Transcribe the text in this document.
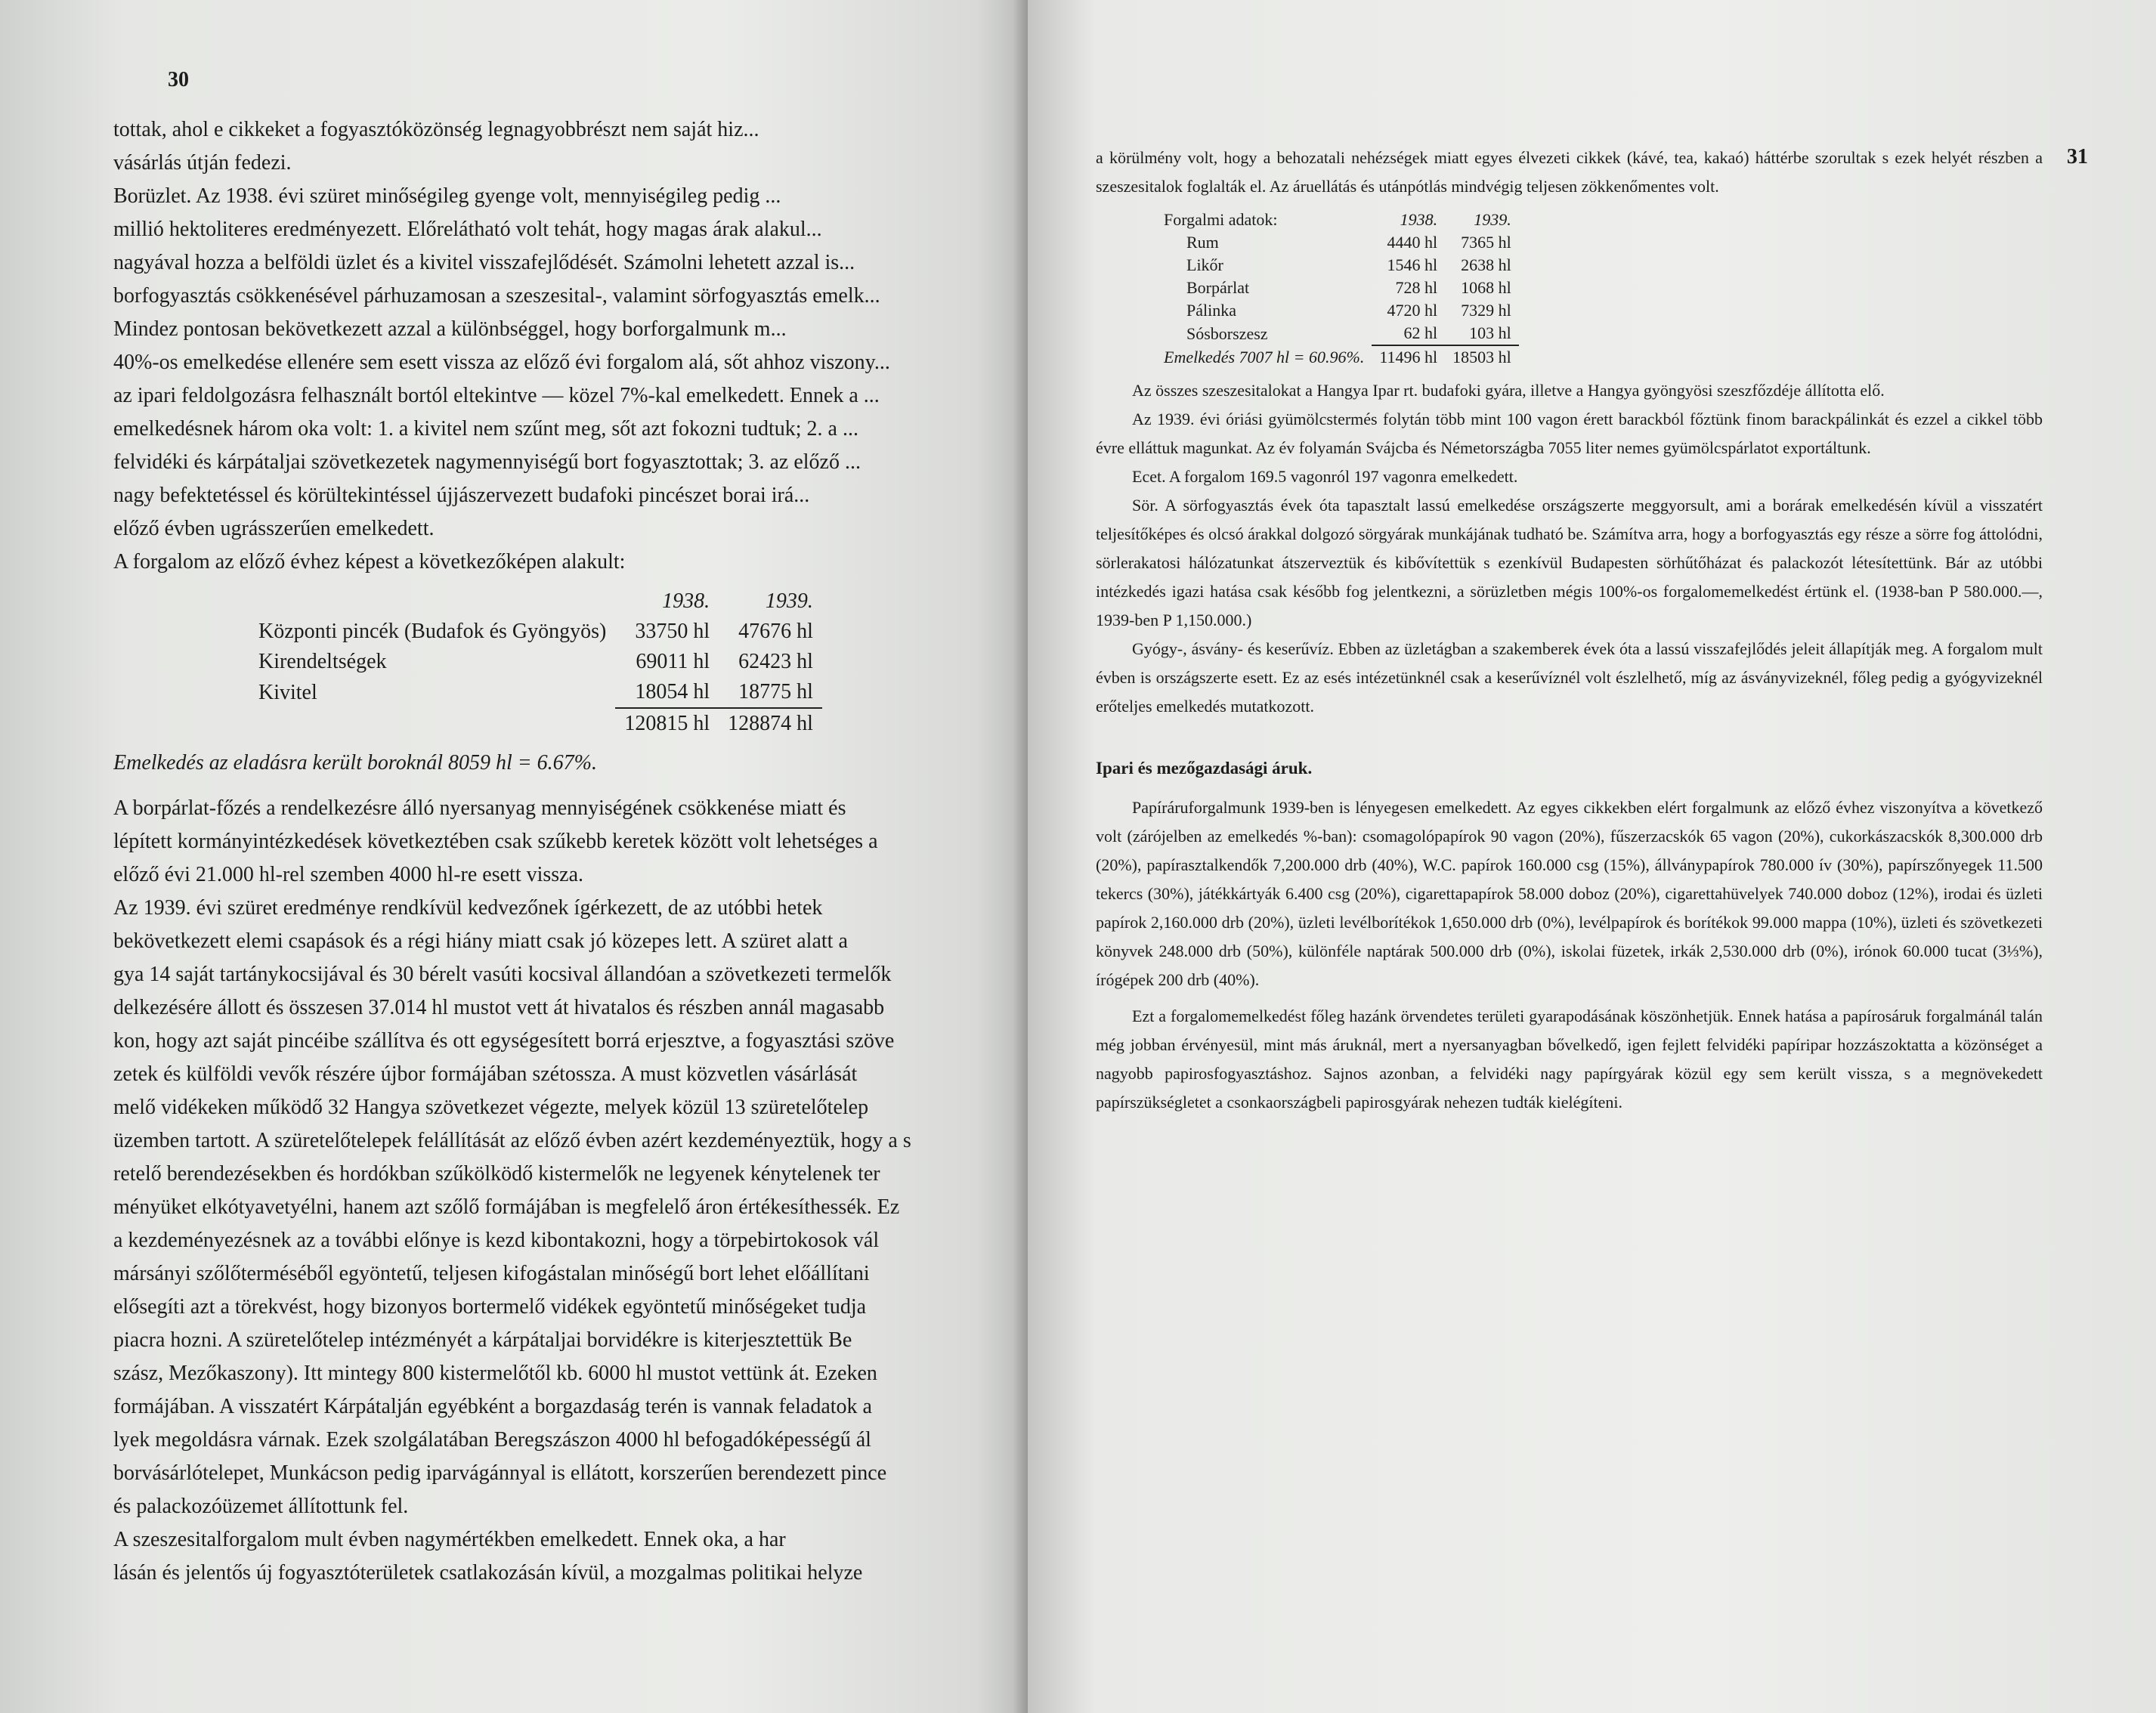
30

tottak, ahol e cikkeket a fogyasztóközönség legnagyobbrészt nem saját hiz...

vásárlás útján fedezi.

Borüzlet. Az 1938. évi szüret minőségileg gyenge volt, mennyiségileg pedig ...

millió hektoliteres eredményezett. Előrelátható volt tehát, hogy magas árak alakul...

nagyával hozza a belföldi üzlet és a kivitel visszafejlődését. Számolni lehetett azzal is...

borfogyasztás csökkenésével párhuzamosan a szeszesital-, valamint sörfogyasztás emelk...

Mindez pontosan bekövetkezett azzal a különbséggel, hogy borforgalmunk m...

40%-os emelkedése ellenére sem esett vissza az előző évi forgalom alá, sőt ahhoz viszony...

az ipari feldolgozásra felhasznált bortól eltekintve — közel 7%-kal emelkedett. Ennek a ...

emelkedésnek három oka volt: 1. a kivitel nem szűnt meg, sőt azt fokozni tudtuk; 2. a ...

felvidéki és kárpátaljai szövetkezetek nagymennyiségű bort fogyasztottak; 3. az előző ...

nagy befektetéssel és körültekintéssel újjászervezett budafoki pincészet borai irá...

előző évben ugrásszerűen emelkedett.

A forgalom az előző évhez képest a következőképen alakult:

	1938.	1939.
Központi pincék (Budafok és Gyöngyös)	33750 hl	47676 hl
Kirendeltségek	69011 hl	62423 hl
Kivitel	18054 hl	18775 hl
	120815 hl	128874 hl

Emelkedés az eladásra került boroknál 8059 hl = 6.67%.

A borpárlat-főzés a rendelkezésre álló nyersanyag mennyiségének csökkenése miatt és

lépített kormányintézkedések következtében csak szűkebb keretek között volt lehetséges a

előző évi 21.000 hl-rel szemben 4000 hl-re esett vissza.

Az 1939. évi szüret eredménye rendkívül kedvezőnek ígérkezett, de az utóbbi hetek

bekövetkezett elemi csapások és a régi hiány miatt csak jó közepes lett. A szüret alatt a

gya 14 saját tartánykocsijával és 30 bérelt vasúti kocsival állandóan a szövetkezeti termelők

delkezésére állott és összesen 37.014 hl mustot vett át hivatalos és részben annál magasabb

kon, hogy azt saját pincéibe szállítva és ott egységesített borrá erjesztve, a fogyasztási szöve

zetek és külföldi vevők részére újbor formájában szétossza. A must közvetlen vásárlását

melő vidékeken működő 32 Hangya szövetkezet végezte, melyek közül 13 szüretelőtelep

üzemben tartott. A szüretelőtelepek felállítását az előző évben azért kezdeményeztük, hogy a s

retelő berendezésekben és hordókban szűkölködő kistermelők ne legyenek kénytelenek ter

ményüket elkótyavetyélni, hanem azt szőlő formájában is megfelelő áron értékesíthessék. Ez

a kezdeményezésnek az a további előnye is kezd kibontakozni, hogy a törpebirtokosok vál

mársányi szőlőterméséből egyöntetű, teljesen kifogástalan minőségű bort lehet előállítani

elősegíti azt a törekvést, hogy bizonyos bortermelő vidékek egyöntetű minőségeket tudja

piacra hozni. A szüretelőtelep intézményét a kárpátaljai borvidékre is kiterjesztettük Be

szász, Mezőkaszony). Itt mintegy 800 kistermelőtől kb. 6000 hl mustot vettünk át. Ezeken

formájában. A visszatért Kárpátalján egyébként a borgazdaság terén is vannak feladatok a

lyek megoldásra várnak. Ezek szolgálatában Beregszászon 4000 hl befogadóképességű ál

borvásárlótelepet, Munkácson pedig iparvágánnyal is ellátott, korszerűen berendezett pince

és palackozóüzemet állítottunk fel.

A szeszesitalforgalom mult évben nagymértékben emelkedett. Ennek oka, a har

lásán és jelentős új fogyasztóterületek csatlakozásán kívül, a mozgalmas politikai helyze

31

a körülmény volt, hogy a behozatali nehézségek miatt egyes élvezeti cikkek (kávé, tea, kakaó) háttérbe szorultak s ezek helyét részben a szeszesitalok foglalták el. Az áruellátás és utánpótlás mindvégig teljesen zökkenőmentes volt.

Forgalmi adatok:	1938.	1939.
Rum	4440 hl	7365 hl
Likőr	1546 hl	2638 hl
Borpárlat	728 hl	1068 hl
Pálinka	4720 hl	7329 hl
Sósborszesz	62 hl	103 hl
Emelkedés 7007 hl = 60.96%.	11496 hl	18503 hl

Az összes szeszesitalokat a Hangya Ipar rt. budafoki gyára, illetve a Hangya gyöngyösi szeszfőzdéje állította elő.

Az 1939. évi óriási gyümölcstermés folytán több mint 100 vagon érett barackból főztünk finom barackpálinkát és ezzel a cikkel több évre elláttuk magunkat. Az év folyamán Svájcba és Németországba 7055 liter nemes gyümölcspárlatot exportáltunk.

Ecet. A forgalom 169.5 vagonról 197 vagonra emelkedett.

Sör. A sörfogyasztás évek óta tapasztalt lassú emelkedése országszerte meggyorsult, ami a borárak emelkedésén kívül a visszatért teljesítőképes és olcsó árakkal dolgozó sörgyárak munkájának tudható be. Számítva arra, hogy a borfogyasztás egy része a sörre fog áttolódni, sörlerakatosi hálózatunkat átszerveztük és kibővítettük s ezenkívül Budapesten sörhűtőházat és palackozót létesítettünk. Bár az utóbbi intézkedés igazi hatása csak később fog jelentkezni, a sörüzletben mégis 100%-os forgalomemelkedést értünk el. (1938-ban P 580.000.—, 1939-ben P 1,150.000.)

Gyógy-, ásvány- és keserűvíz. Ebben az üzletágban a szakemberek évek óta a lassú visszafejlődés jeleit állapítják meg. A forgalom mult évben is országszerte esett. Ez az esés intézetünknél csak a keserűvíznél volt észlelhető, míg az ásványvizeknél, főleg pedig a gyógyvizeknél erőteljes emelkedés mutatkozott.

Ipari és mezőgazdasági áruk.

Papíráruforgalmunk 1939-ben is lényegesen emelkedett. Az egyes cikkekben elért forgalmunk az előző évhez viszonyítva a következő volt (zárójelben az emelkedés %-ban): csomagolópapírok 90 vagon (20%), fűszerzacskók 65 vagon (20%), cukorkászacskók 8,300.000 drb (20%), papírasztalkendők 7,200.000 drb (40%), W.C. papírok 160.000 csg (15%), állványpapírok 780.000 ív (30%), papírszőnyegek 11.500 tekercs (30%), játékkártyák 6.400 csg (20%), cigarettapapírok 58.000 doboz (20%), cigarettahüvelyek 740.000 doboz (12%), irodai és üzleti papírok 2,160.000 drb (20%), üzleti levélborítékok 1,650.000 drb (0%), levélpapírok és borítékok 99.000 mappa (10%), üzleti és szövetkezeti könyvek 248.000 drb (50%), különféle naptárak 500.000 drb (0%), iskolai füzetek, irkák 2,530.000 drb (0%), irónok 60.000 tucat (3⅓%), írógépek 200 drb (40%).

Ezt a forgalomemelkedést főleg hazánk örvendetes területi gyarapodásának köszönhetjük. Ennek hatása a papírosáruk forgalmánál talán még jobban érvényesül, mint más áruknál, mert a nyersanyagban bővelkedő, igen fejlett felvidéki papíripar hozzászoktatta a közönséget a nagyobb papirosfogyasztáshoz. Sajnos azonban, a felvidéki nagy papírgyárak közül egy sem került vissza, s a megnövekedett papírszükségletet a csonkaországbeli papirosgyárak nehezen tudták kielégíteni.
